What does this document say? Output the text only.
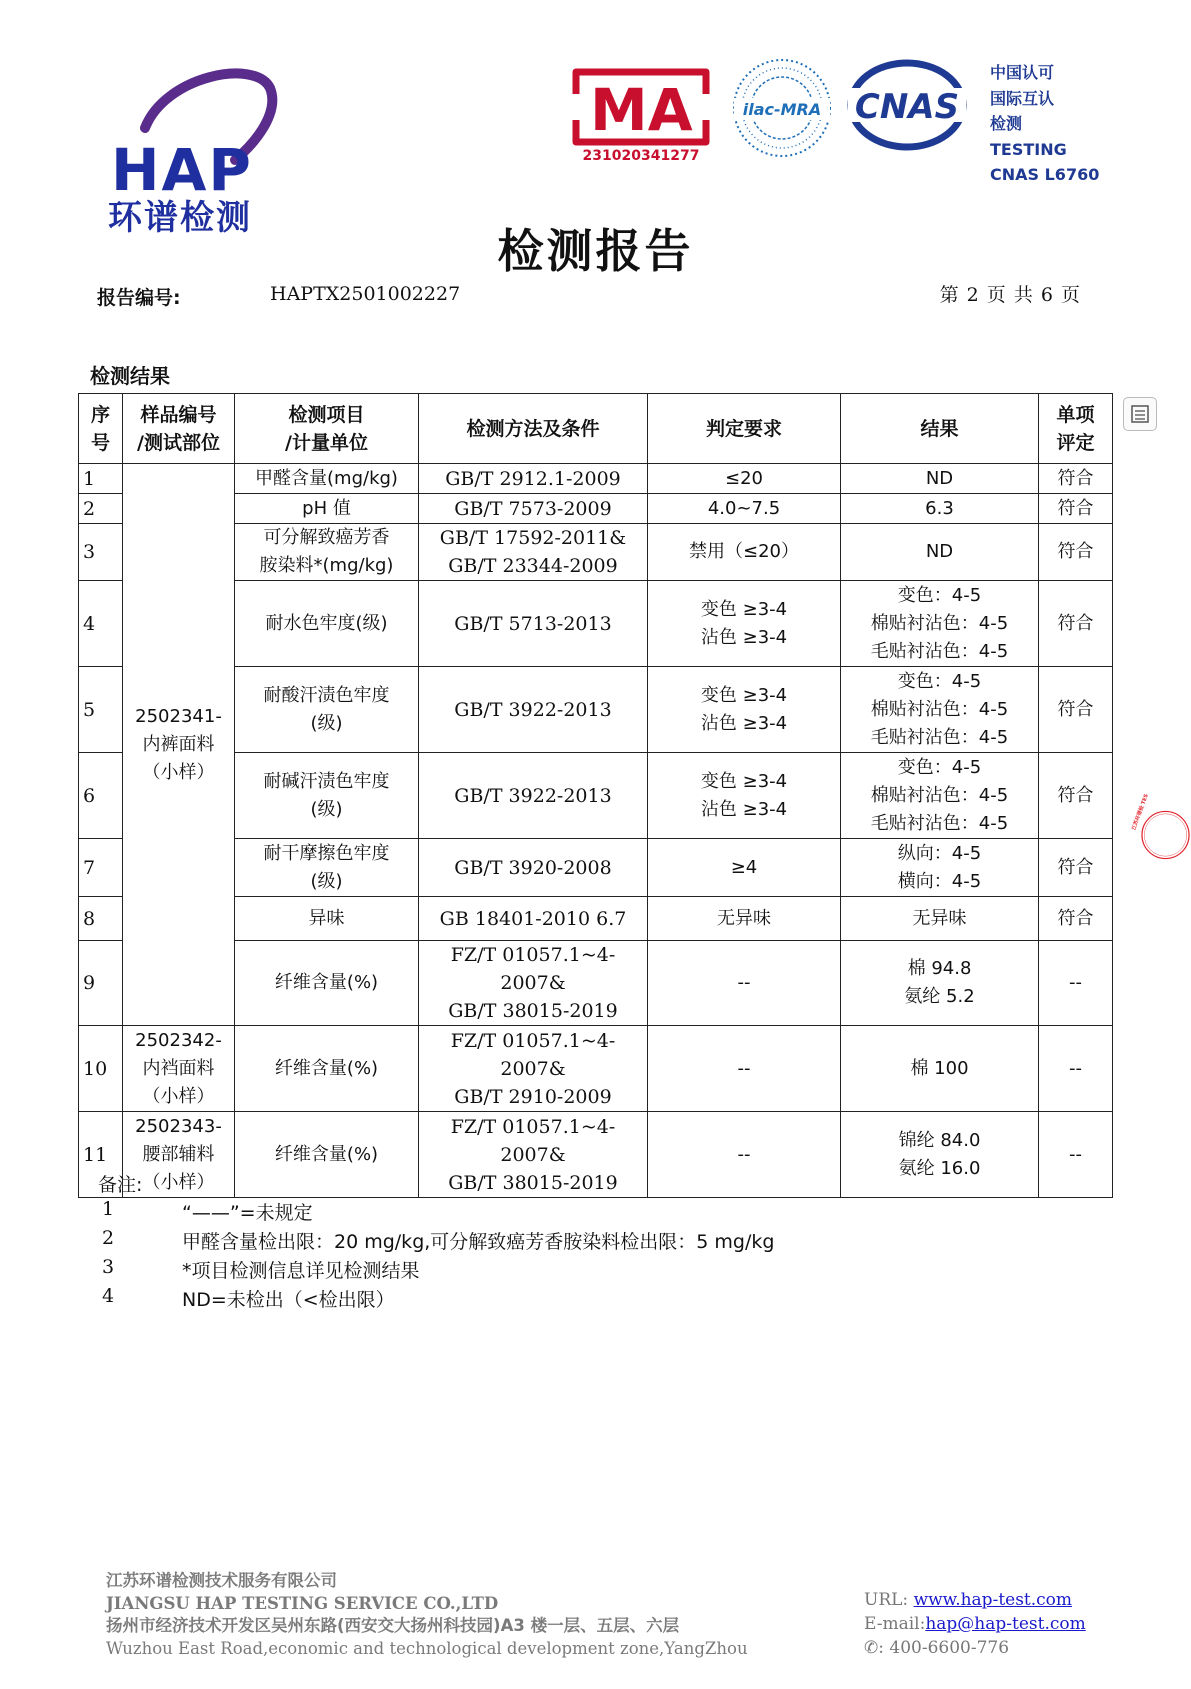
HAP
环谱检测
MA
231020341277
ilac-MRA CNAS
中国认可
国际互认
检测
TESTING
CNAS L6760
检测报告
报告编号:	HAPTX2501002227	第 2 页 共 6 页
检测结果
序
号	样品编号
/测试部位	检测项目
/计量单位	检测方法及条件	判定要求	结果	单项
评定

1	2502341-
内裤面料
（小样）	甲醛含量(mg/kg)	GB/T 2912.1-2009	≤20	ND	符合
2		pH 值	GB/T 7573-2009	4.0~7.5	6.3	符合
3		可分解致癌芳香
胺染料*(mg/kg)	GB/T 17592-2011&
GB/T 23344-2009	禁用（≤20）	ND	符合
4		耐水色牢度(级)	GB/T 5713-2013	变色 ≥3-4
沾色 ≥3-4	变色：4-5
棉贴衬沾色：4-5
毛贴衬沾色：4-5	符合
5		耐酸汗渍色牢度
(级)	GB/T 3922-2013	变色 ≥3-4
沾色 ≥3-4	变色：4-5
棉贴衬沾色：4-5
毛贴衬沾色：4-5	符合
6		耐碱汗渍色牢度
(级)	GB/T 3922-2013	变色 ≥3-4
沾色 ≥3-4	变色：4-5
棉贴衬沾色：4-5
毛贴衬沾色：4-5	符合
7		耐干摩擦色牢度
(级)	GB/T 3920-2008	≥4	纵向：4-5
横向：4-5	符合
8		异味	GB 18401-2010 6.7	无异味	无异味	符合
9		纤维含量(%)	FZ/T 01057.1~4-2007&
GB/T 38015-2019	--	棉 94.8
氨纶 5.2	--
10	2502342-
内裆面料
（小样）	纤维含量(%)	FZ/T 01057.1~4-2007&
GB/T 2910-2009	--	棉 100	--
11	2502343-
腰部辅料
（小样）	纤维含量(%)	FZ/T 01057.1~4-2007&
GB/T 38015-2019	--	锦纶 84.0
氨纶 16.0	--
备注:
1	“——”=未规定
2	甲醛含量检出限：20 mg/kg,可分解致癌芳香胺染料检出限：5 mg/kg
3	*项目检测信息详见检测结果
4	ND=未检出（<检出限）
江苏环谱检 TES
江苏环谱检测技术服务有限公司
JIANGSU HAP TESTING SERVICE CO.,LTD
扬州市经济技术开发区吴州东路(西安交大扬州科技园)A3 楼一层、五层、六层
Wuzhou East Road,economic and technological development zone,YangZhou
URL: www.hap-test.com
E-mail:hap@hap-test.com
✆: 400-6600-776
